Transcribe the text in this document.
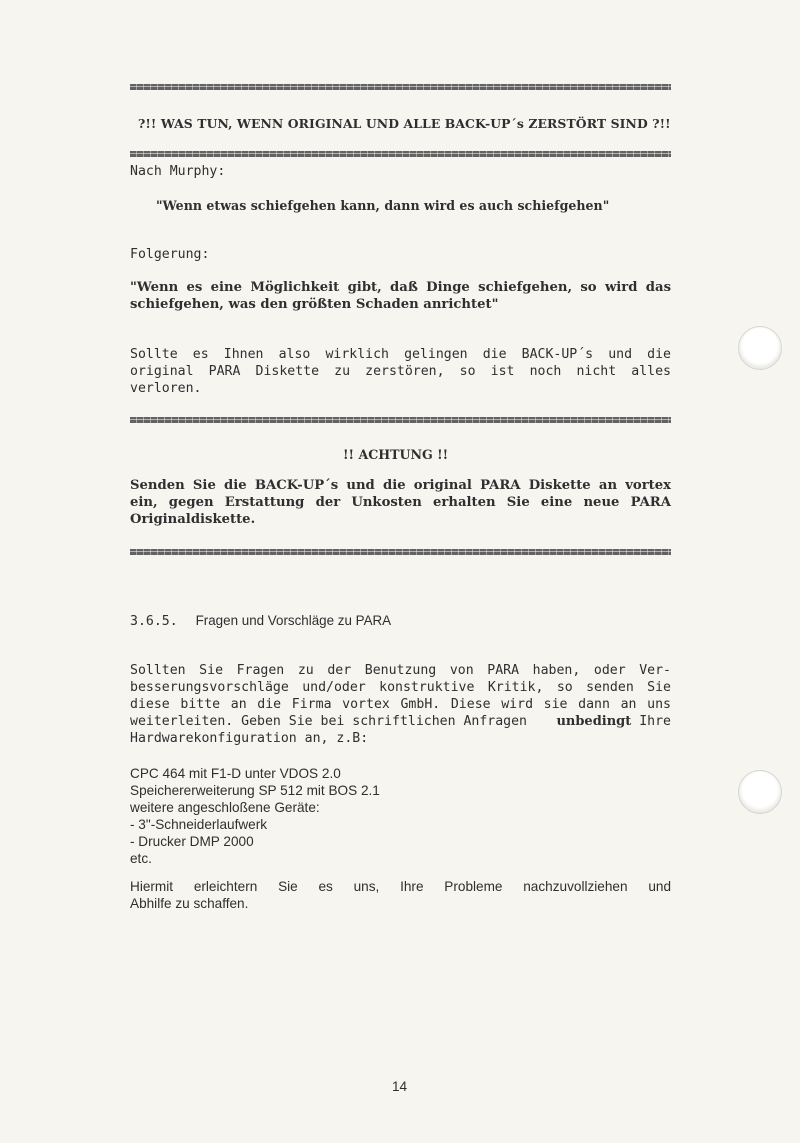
?!! WAS TUN, WENN ORIGINAL UND ALLE BACK-UP´s ZERSTÖRT SIND ?!!
Nach Murphy:
"Wenn etwas schiefgehen kann, dann wird es auch schiefgehen"
Folgerung:
"Wenn es eine Möglichkeit gibt, daß Dinge schiefgehen, so wird das
schiefgehen, was den größten Schaden anrichtet"
Sollte es Ihnen also wirklich gelingen die BACK-UP´s und die
original PARA Diskette zu zerstören, so ist noch nicht alles
verloren.
!! ACHTUNG !!
Senden Sie die BACK-UP´s und die original PARA Diskette an vortex
ein, gegen Erstattung der Unkosten erhalten Sie eine neue PARA
Originaldiskette.
3.6.5. Fragen und Vorschläge zu PARA
Sollten Sie Fragen zu der Benutzung von PARA haben, oder Ver-
besserungsvorschläge und/oder konstruktive Kritik, so senden Sie
diese bitte an die Firma vortex GmbH. Diese wird sie dann an uns
weiterleiten. Geben Sie bei schriftlichen Anfragen unbedingt Ihre
Hardwarekonfiguration an, z.B:
CPC 464 mit F1-D unter VDOS 2.0
Speichererweiterung SP 512 mit BOS 2.1
weitere angeschloßene Geräte:
- 3"-Schneiderlaufwerk
- Drucker DMP 2000
etc.
Hiermit erleichtern Sie es uns, Ihre Probleme nachzuvollziehen und
Abhilfe zu schaffen.
14
